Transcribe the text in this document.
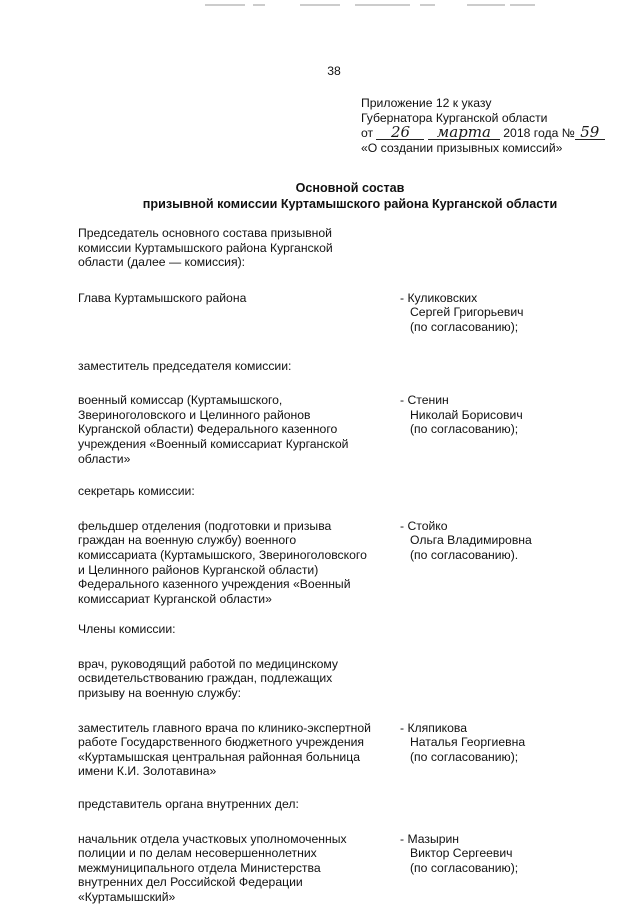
38
Приложение 12 к указу
Губернатора Курганской области
от 26 марта 2018 года № 59
«О создании призывных комиссий»
Основной состав
призывной комиссии Куртамышского района Курганской области
Председатель основного состава призывной
комиссии Куртамышского района Курганской
области (далее — комиссия):
Глава Куртамышского района	- Куликовских
Сергей Григорьевич
(по согласованию);
заместитель председателя комиссии:
военный комиссар (Куртамышского,
Звериноголовского и Целинного районов
Курганской области) Федерального казенного
учреждения «Военный комиссариат Курганской
области»
- Стенин
Николай Борисович
(по согласованию);
секретарь комиссии:
фельдшер отделения (подготовки и призыва
граждан на военную службу) военного
комиссариата (Куртамышского, Звериноголовского
и Целинного районов Курганской области)
Федерального казенного учреждения «Военный
комиссариат Курганской области»
- Стойко
Ольга Владимировна
(по согласованию).
Члены комиссии:
врач, руководящий работой по медицинскому
освидетельствованию граждан, подлежащих
призыву на военную службу:
заместитель главного врача по клинико-экспертной
работе Государственного бюджетного учреждения
«Куртамышская центральная районная больница
имени К.И. Золотавина»
- Кляпикова
Наталья Георгиевна
(по согласованию);
представитель органа внутренних дел:
начальник отдела участковых уполномоченных
полиции и по делам несовершеннолетних
межмуниципального отдела Министерства
внутренних дел Российской Федерации
«Куртамышский»
- Мазырин
Виктор Сергеевич
(по согласованию);
